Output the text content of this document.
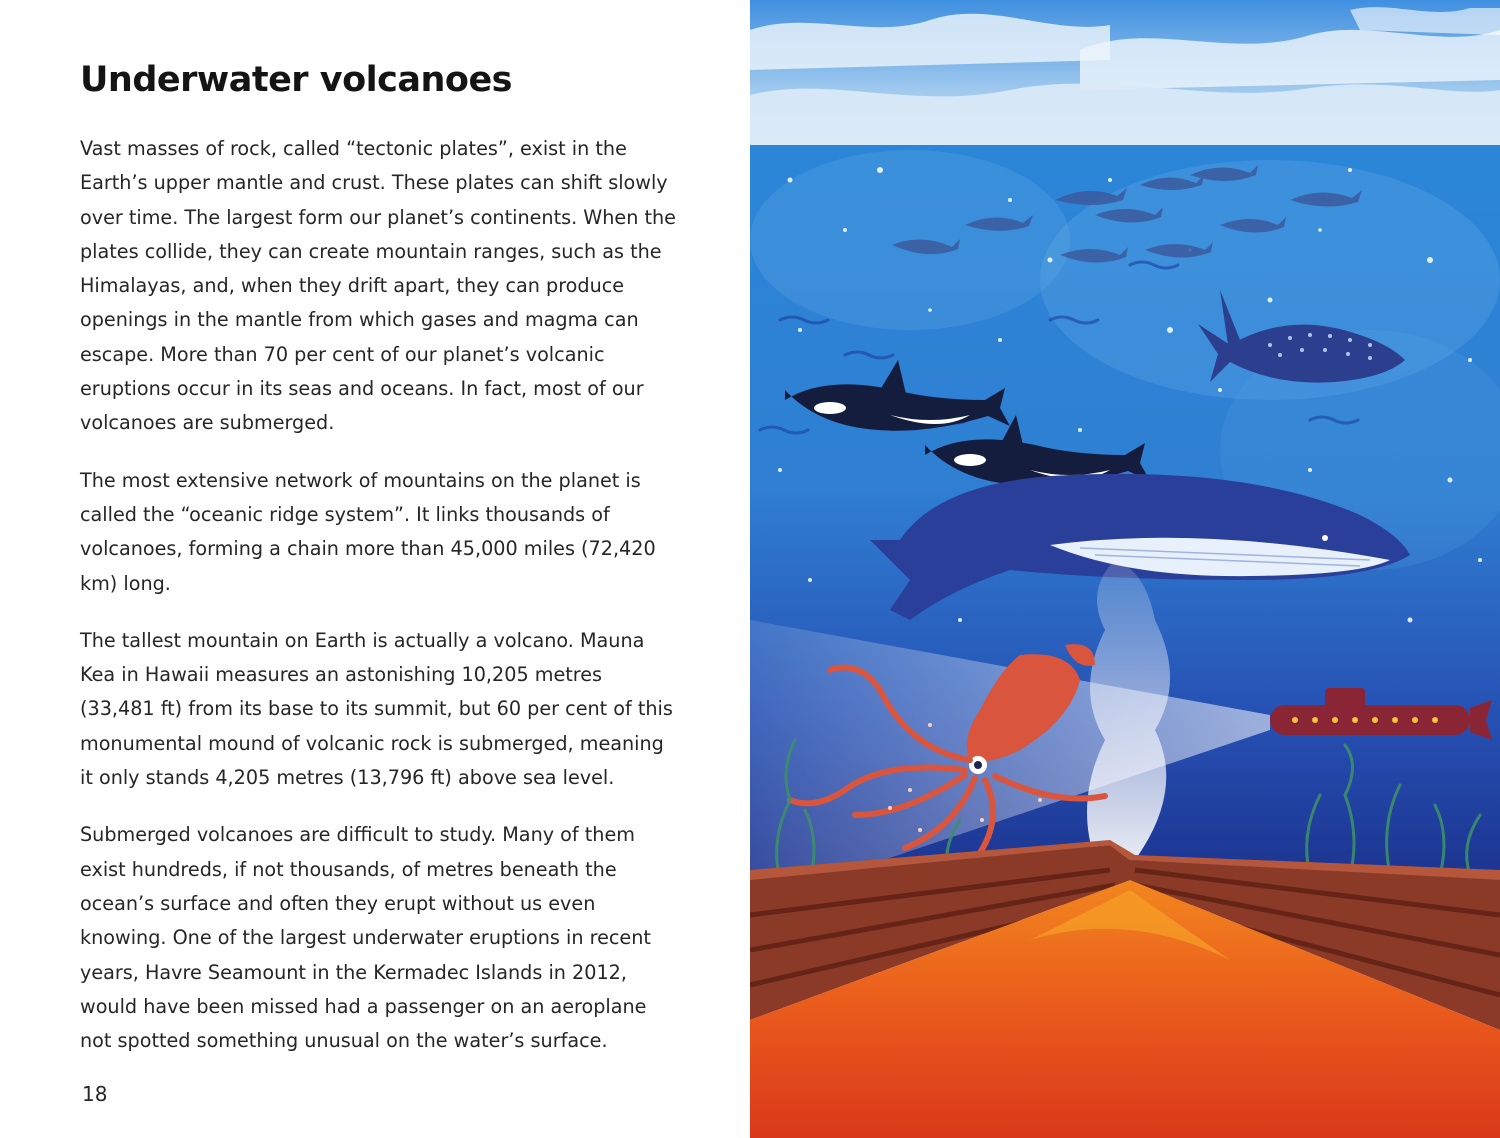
Underwater volcanoes

Vast masses of rock, called “tectonic plates”, exist in the Earth’s upper mantle and crust. These plates can shift slowly over time. The largest form our planet’s continents. When the plates collide, they can create mountain ranges, such as the Himalayas, and, when they drift apart, they can produce openings in the mantle from which gases and magma can escape. More than 70 per cent of our planet’s volcanic eruptions occur in its seas and oceans. In fact, most of our volcanoes are submerged.

The most extensive network of mountains on the planet is called the “oceanic ridge system”. It links thousands of volcanoes, forming a chain more than 45,000 miles (72,420 km) long.

The tallest mountain on Earth is actually a volcano. Mauna Kea in Hawaii measures an astonishing 10,205 metres (33,481 ft) from its base to its summit, but 60 per cent of this monumental mound of volcanic rock is submerged, meaning it only stands 4,205 metres (13,796 ft) above sea level.

Submerged volcanoes are difficult to study. Many of them exist hundreds, if not thousands, of metres beneath the ocean’s surface and often they erupt without us even knowing. One of the largest underwater eruptions in recent years, Havre Seamount in the Kermadec Islands in 2012, would have been missed had a passenger on an aeroplane not spotted something unusual on the water’s surface.

18
